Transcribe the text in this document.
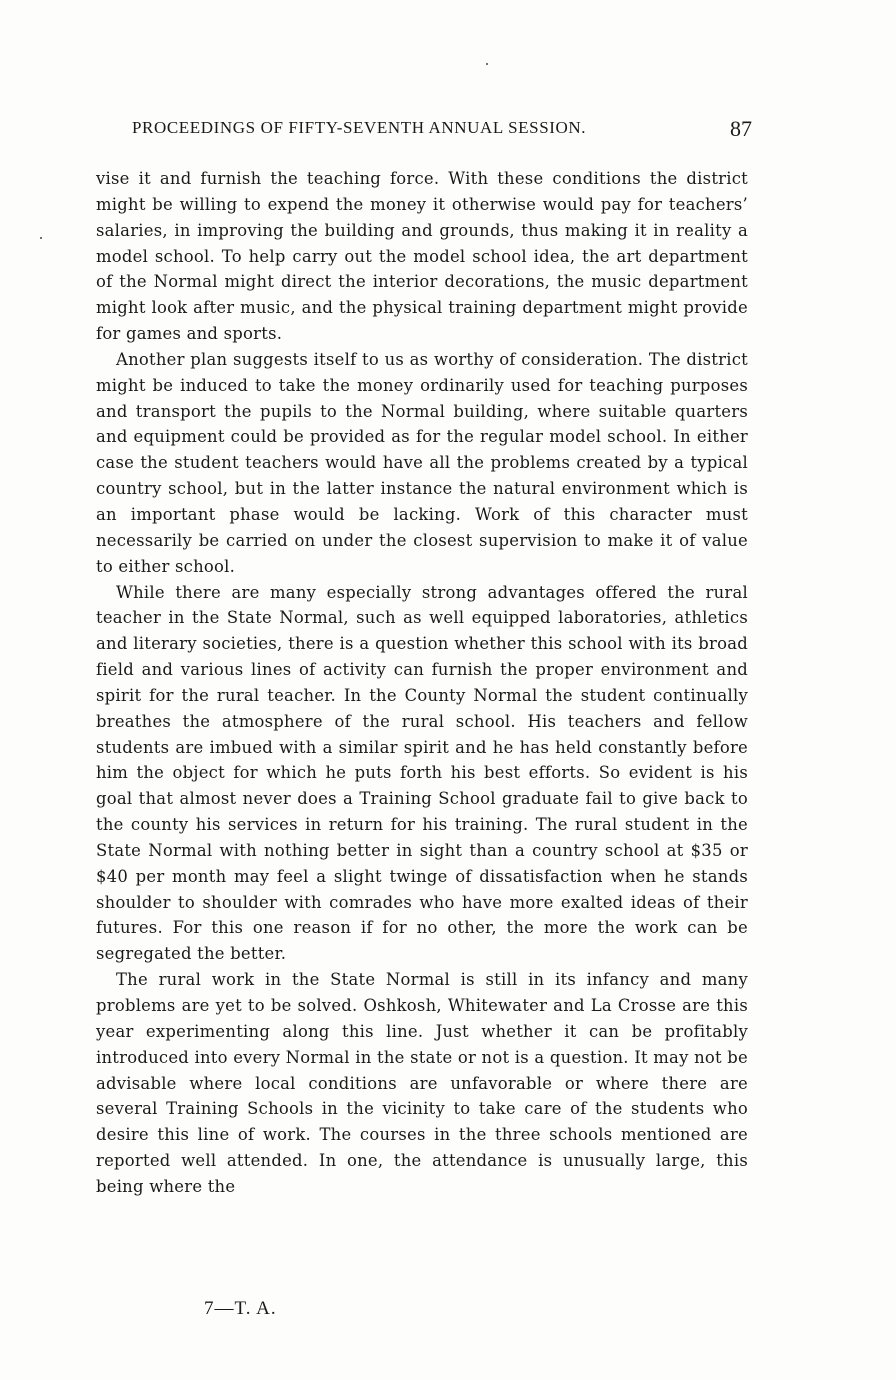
PROCEEDINGS OF FIFTY-SEVENTH ANNUAL SESSION.	87

vise it and furnish the teaching force. With these conditions the district might be willing to expend the money it otherwise would pay for teachers’ salaries, in improving the building and grounds, thus making it in reality a model school. To help carry out the model school idea, the art department of the Normal might direct the interior decorations, the music department might look after music, and the physical training department might provide for games and sports.

Another plan suggests itself to us as worthy of consideration. The district might be induced to take the money ordinarily used for teaching purposes and transport the pupils to the Normal building, where suitable quarters and equipment could be provided as for the regular model school. In either case the student teachers would have all the problems created by a typical country school, but in the latter instance the natural environment which is an important phase would be lacking. Work of this character must necessarily be carried on under the closest supervision to make it of value to either school.

While there are many especially strong advantages offered the rural teacher in the State Normal, such as well equipped laboratories, athletics and literary societies, there is a question whether this school with its broad field and various lines of activity can furnish the proper environment and spirit for the rural teacher. In the County Normal the student continually breathes the atmosphere of the rural school. His teachers and fellow students are imbued with a similar spirit and he has held constantly before him the object for which he puts forth his best efforts. So evident is his goal that almost never does a Training School graduate fail to give back to the county his services in return for his training. The rural student in the State Normal with nothing better in sight than a country school at $35 or $40 per month may feel a slight twinge of dissatisfaction when he stands shoulder to shoulder with comrades who have more exalted ideas of their futures. For this one reason if for no other, the more the work can be segregated the better.

The rural work in the State Normal is still in its infancy and many problems are yet to be solved. Oshkosh, Whitewater and La Crosse are this year experimenting along this line. Just whether it can be profitably introduced into every Normal in the state or not is a question. It may not be advisable where local conditions are unfavorable or where there are several Training Schools in the vicinity to take care of the students who desire this line of work. The courses in the three schools mentioned are reported well attended. In one, the attendance is unusually large, this being where the

7—T. A.
